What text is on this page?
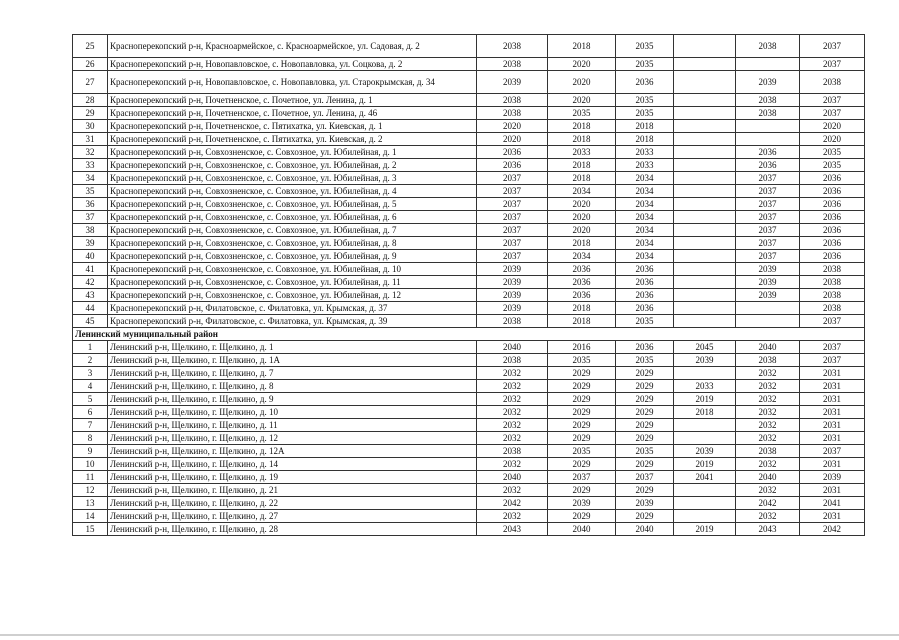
25	Красноперекопский р-н, Красноармейское, с. Красноармейское, ул. Садовая, д. 2	2038	2018	2035		2038	2037
26	Красноперекопский р-н, Новопавловское, с. Новопавловка, ул. Соцкова, д. 2	2038	2020	2035			2037
27	Красноперекопский р-н, Новопавловское, с. Новопавловка, ул. Старокрымская, д. 34	2039	2020	2036		2039	2038
28	Красноперекопский р-н, Почетненское, с. Почетное, ул. Ленина, д. 1	2038	2020	2035		2038	2037
29	Красноперекопский р-н, Почетненское, с. Почетное, ул. Ленина, д. 46	2038	2035	2035		2038	2037
30	Красноперекопский р-н, Почетненское, с. Пятихатка, ул. Киевская, д. 1	2020	2018	2018			2020
31	Красноперекопский р-н, Почетненское, с. Пятихатка, ул. Киевская, д. 2	2020	2018	2018			2020
32	Красноперекопский р-н, Совхозненское, с. Совхозное, ул. Юбилейная, д. 1	2036	2033	2033		2036	2035
33	Красноперекопский р-н, Совхозненское, с. Совхозное, ул. Юбилейная, д. 2	2036	2018	2033		2036	2035
34	Красноперекопский р-н, Совхозненское, с. Совхозное, ул. Юбилейная, д. 3	2037	2018	2034		2037	2036
35	Красноперекопский р-н, Совхозненское, с. Совхозное, ул. Юбилейная, д. 4	2037	2034	2034		2037	2036
36	Красноперекопский р-н, Совхозненское, с. Совхозное, ул. Юбилейная, д. 5	2037	2020	2034		2037	2036
37	Красноперекопский р-н, Совхозненское, с. Совхозное, ул. Юбилейная, д. 6	2037	2020	2034		2037	2036
38	Красноперекопский р-н, Совхозненское, с. Совхозное, ул. Юбилейная, д. 7	2037	2020	2034		2037	2036
39	Красноперекопский р-н, Совхозненское, с. Совхозное, ул. Юбилейная, д. 8	2037	2018	2034		2037	2036
40	Красноперекопский р-н, Совхозненское, с. Совхозное, ул. Юбилейная, д. 9	2037	2034	2034		2037	2036
41	Красноперекопский р-н, Совхозненское, с. Совхозное, ул. Юбилейная, д. 10	2039	2036	2036		2039	2038
42	Красноперекопский р-н, Совхозненское, с. Совхозное, ул. Юбилейная, д. 11	2039	2036	2036		2039	2038
43	Красноперекопский р-н, Совхозненское, с. Совхозное, ул. Юбилейная, д. 12	2039	2036	2036		2039	2038
44	Красноперекопский р-н, Филатовское, с. Филатовка, ул. Крымская, д. 37	2039	2018	2036			2038
45	Красноперекопский р-н, Филатовское, с. Филатовка, ул. Крымская, д. 39	2038	2018	2035			2037
Ленинский муниципальный район							
1	Ленинский р-н, Щелкино, г. Щелкино, д. 1	2040	2016	2036	2045	2040	2037
2	Ленинский р-н, Щелкино, г. Щелкино, д. 1А	2038	2035	2035	2039	2038	2037
3	Ленинский р-н, Щелкино, г. Щелкино, д. 7	2032	2029	2029		2032	2031
4	Ленинский р-н, Щелкино, г. Щелкино, д. 8	2032	2029	2029	2033	2032	2031
5	Ленинский р-н, Щелкино, г. Щелкино, д. 9	2032	2029	2029	2019	2032	2031
6	Ленинский р-н, Щелкино, г. Щелкино, д. 10	2032	2029	2029	2018	2032	2031
7	Ленинский р-н, Щелкино, г. Щелкино, д. 11	2032	2029	2029		2032	2031
8	Ленинский р-н, Щелкино, г. Щелкино, д. 12	2032	2029	2029		2032	2031
9	Ленинский р-н, Щелкино, г. Щелкино, д. 12А	2038	2035	2035	2039	2038	2037
10	Ленинский р-н, Щелкино, г. Щелкино, д. 14	2032	2029	2029	2019	2032	2031
11	Ленинский р-н, Щелкино, г. Щелкино, д. 19	2040	2037	2037	2041	2040	2039
12	Ленинский р-н, Щелкино, г. Щелкино, д. 21	2032	2029	2029		2032	2031
13	Ленинский р-н, Щелкино, г. Щелкино, д. 22	2042	2039	2039		2042	2041
14	Ленинский р-н, Щелкино, г. Щелкино, д. 27	2032	2029	2029		2032	2031
15	Ленинский р-н, Щелкино, г. Щелкино, д. 28	2043	2040	2040	2019	2043	2042
